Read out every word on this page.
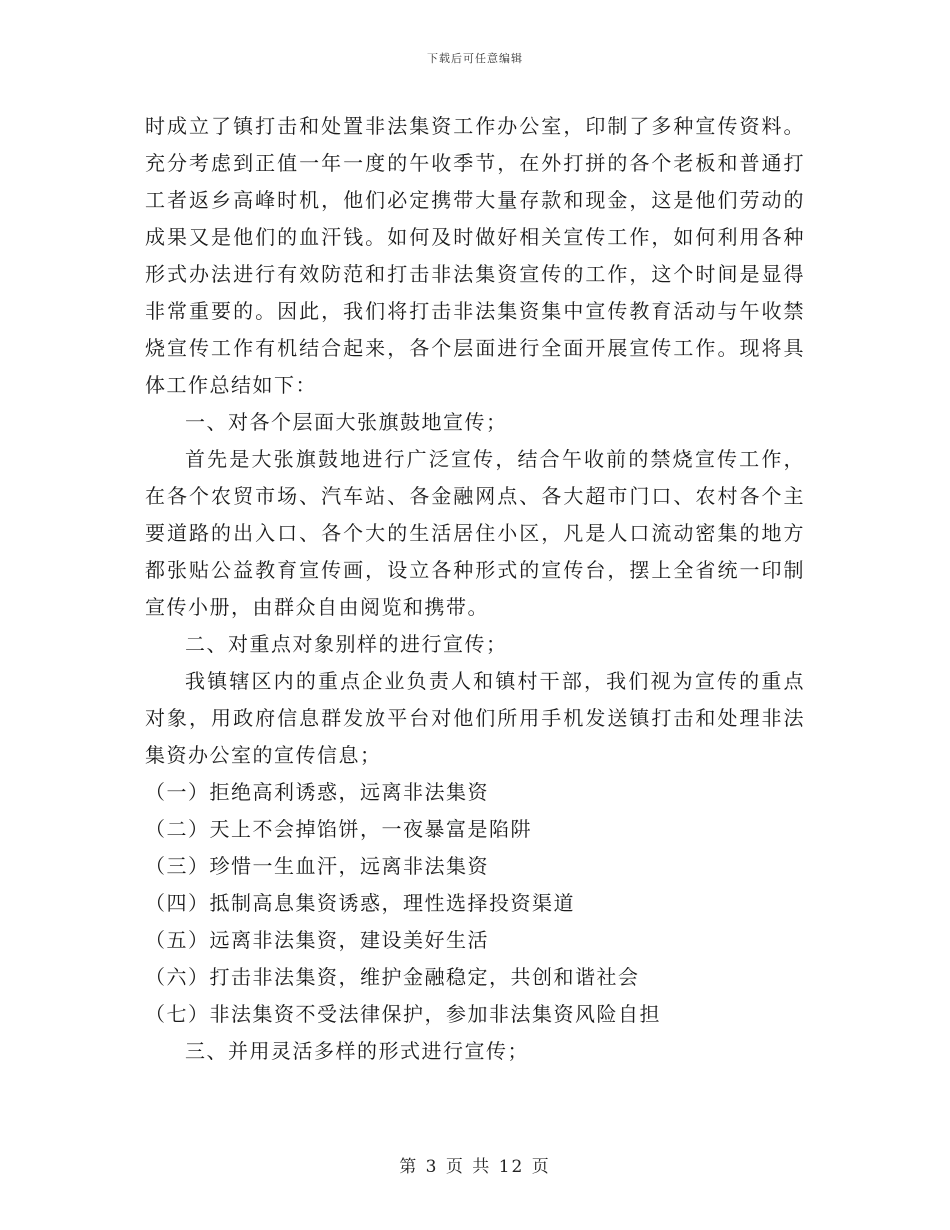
下载后可任意编辑

时成立了镇打击和处置非法集资工作办公室，印制了多种宣传资料。充分考虑到正值一年一度的午收季节，在外打拼的各个老板和普通打工者返乡高峰时机，他们必定携带大量存款和现金，这是他们劳动的成果又是他们的血汗钱。如何及时做好相关宣传工作，如何利用各种形式办法进行有效防范和打击非法集资宣传的工作，这个时间是显得非常重要的。因此，我们将打击非法集资集中宣传教育活动与午收禁烧宣传工作有机结合起来，各个层面进行全面开展宣传工作。现将具体工作总结如下：

一、对各个层面大张旗鼓地宣传；

首先是大张旗鼓地进行广泛宣传，结合午收前的禁烧宣传工作，在各个农贸市场、汽车站、各金融网点、各大超市门口、农村各个主要道路的出入口、各个大的生活居住小区，凡是人口流动密集的地方都张贴公益教育宣传画，设立各种形式的宣传台，摆上全省统一印制宣传小册，由群众自由阅览和携带。

二、对重点对象别样的进行宣传；

我镇辖区内的重点企业负责人和镇村干部，我们视为宣传的重点对象，用政府信息群发放平台对他们所用手机发送镇打击和处理非法集资办公室的宣传信息；

（一）拒绝高利诱惑，远离非法集资

（二）天上不会掉馅饼，一夜暴富是陷阱

（三）珍惜一生血汗，远离非法集资

（四）抵制高息集资诱惑，理性选择投资渠道

（五）远离非法集资，建设美好生活

（六）打击非法集资，维护金融稳定，共创和谐社会

（七）非法集资不受法律保护，参加非法集资风险自担

三、并用灵活多样的形式进行宣传；

第 3 页 共 12 页
